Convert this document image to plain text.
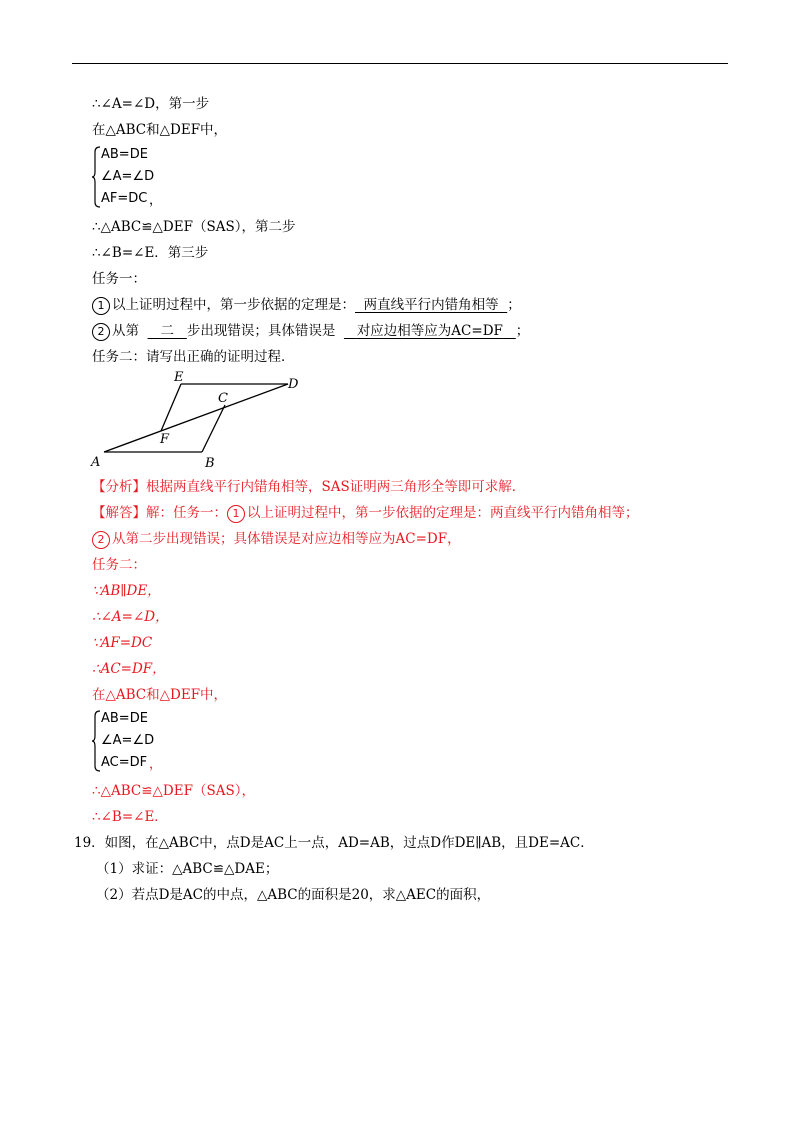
∴∠A=∠D，第一步
在△ABC和△DEF中，
AB=DE
∠A=∠D
AF=DC ，
∴△ABC≌△DEF（SAS），第二步
∴∠B=∠E．第三步
任务一：
1 以上证明过程中，第一步依据的定理是： 两直线平行内错角相等 ；
2 从第 二 步出现错误；具体错误是 对应边相等应为AC=DF ；
任务二：请写出正确的证明过程．
E	D
C
F
A	B
【分析】根据两直线平行内错角相等，SAS证明两三角形全等即可求解．
【解答】解：任务一： 1 以上证明过程中，第一步依据的定理是：两直线平行内错角相等；
2 从第二步出现错误；具体错误是对应边相等应为AC=DF，
任务二：
∵AB∥DE，
∴∠A=∠D，
∵AF=DC
∴AC=DF，
在△ABC和△DEF中，
AB=DE
∠A=∠D
AC=DF ，
∴△ABC≌△DEF（SAS），
∴∠B=∠E．
19．如图，在△ABC中，点D是AC上一点，AD=AB，过点D作DE∥AB，且DE=AC．
（1）求证：△ABC≌△DAE；
（2）若点D是AC的中点，△ABC的面积是20，求△AEC的面积，
